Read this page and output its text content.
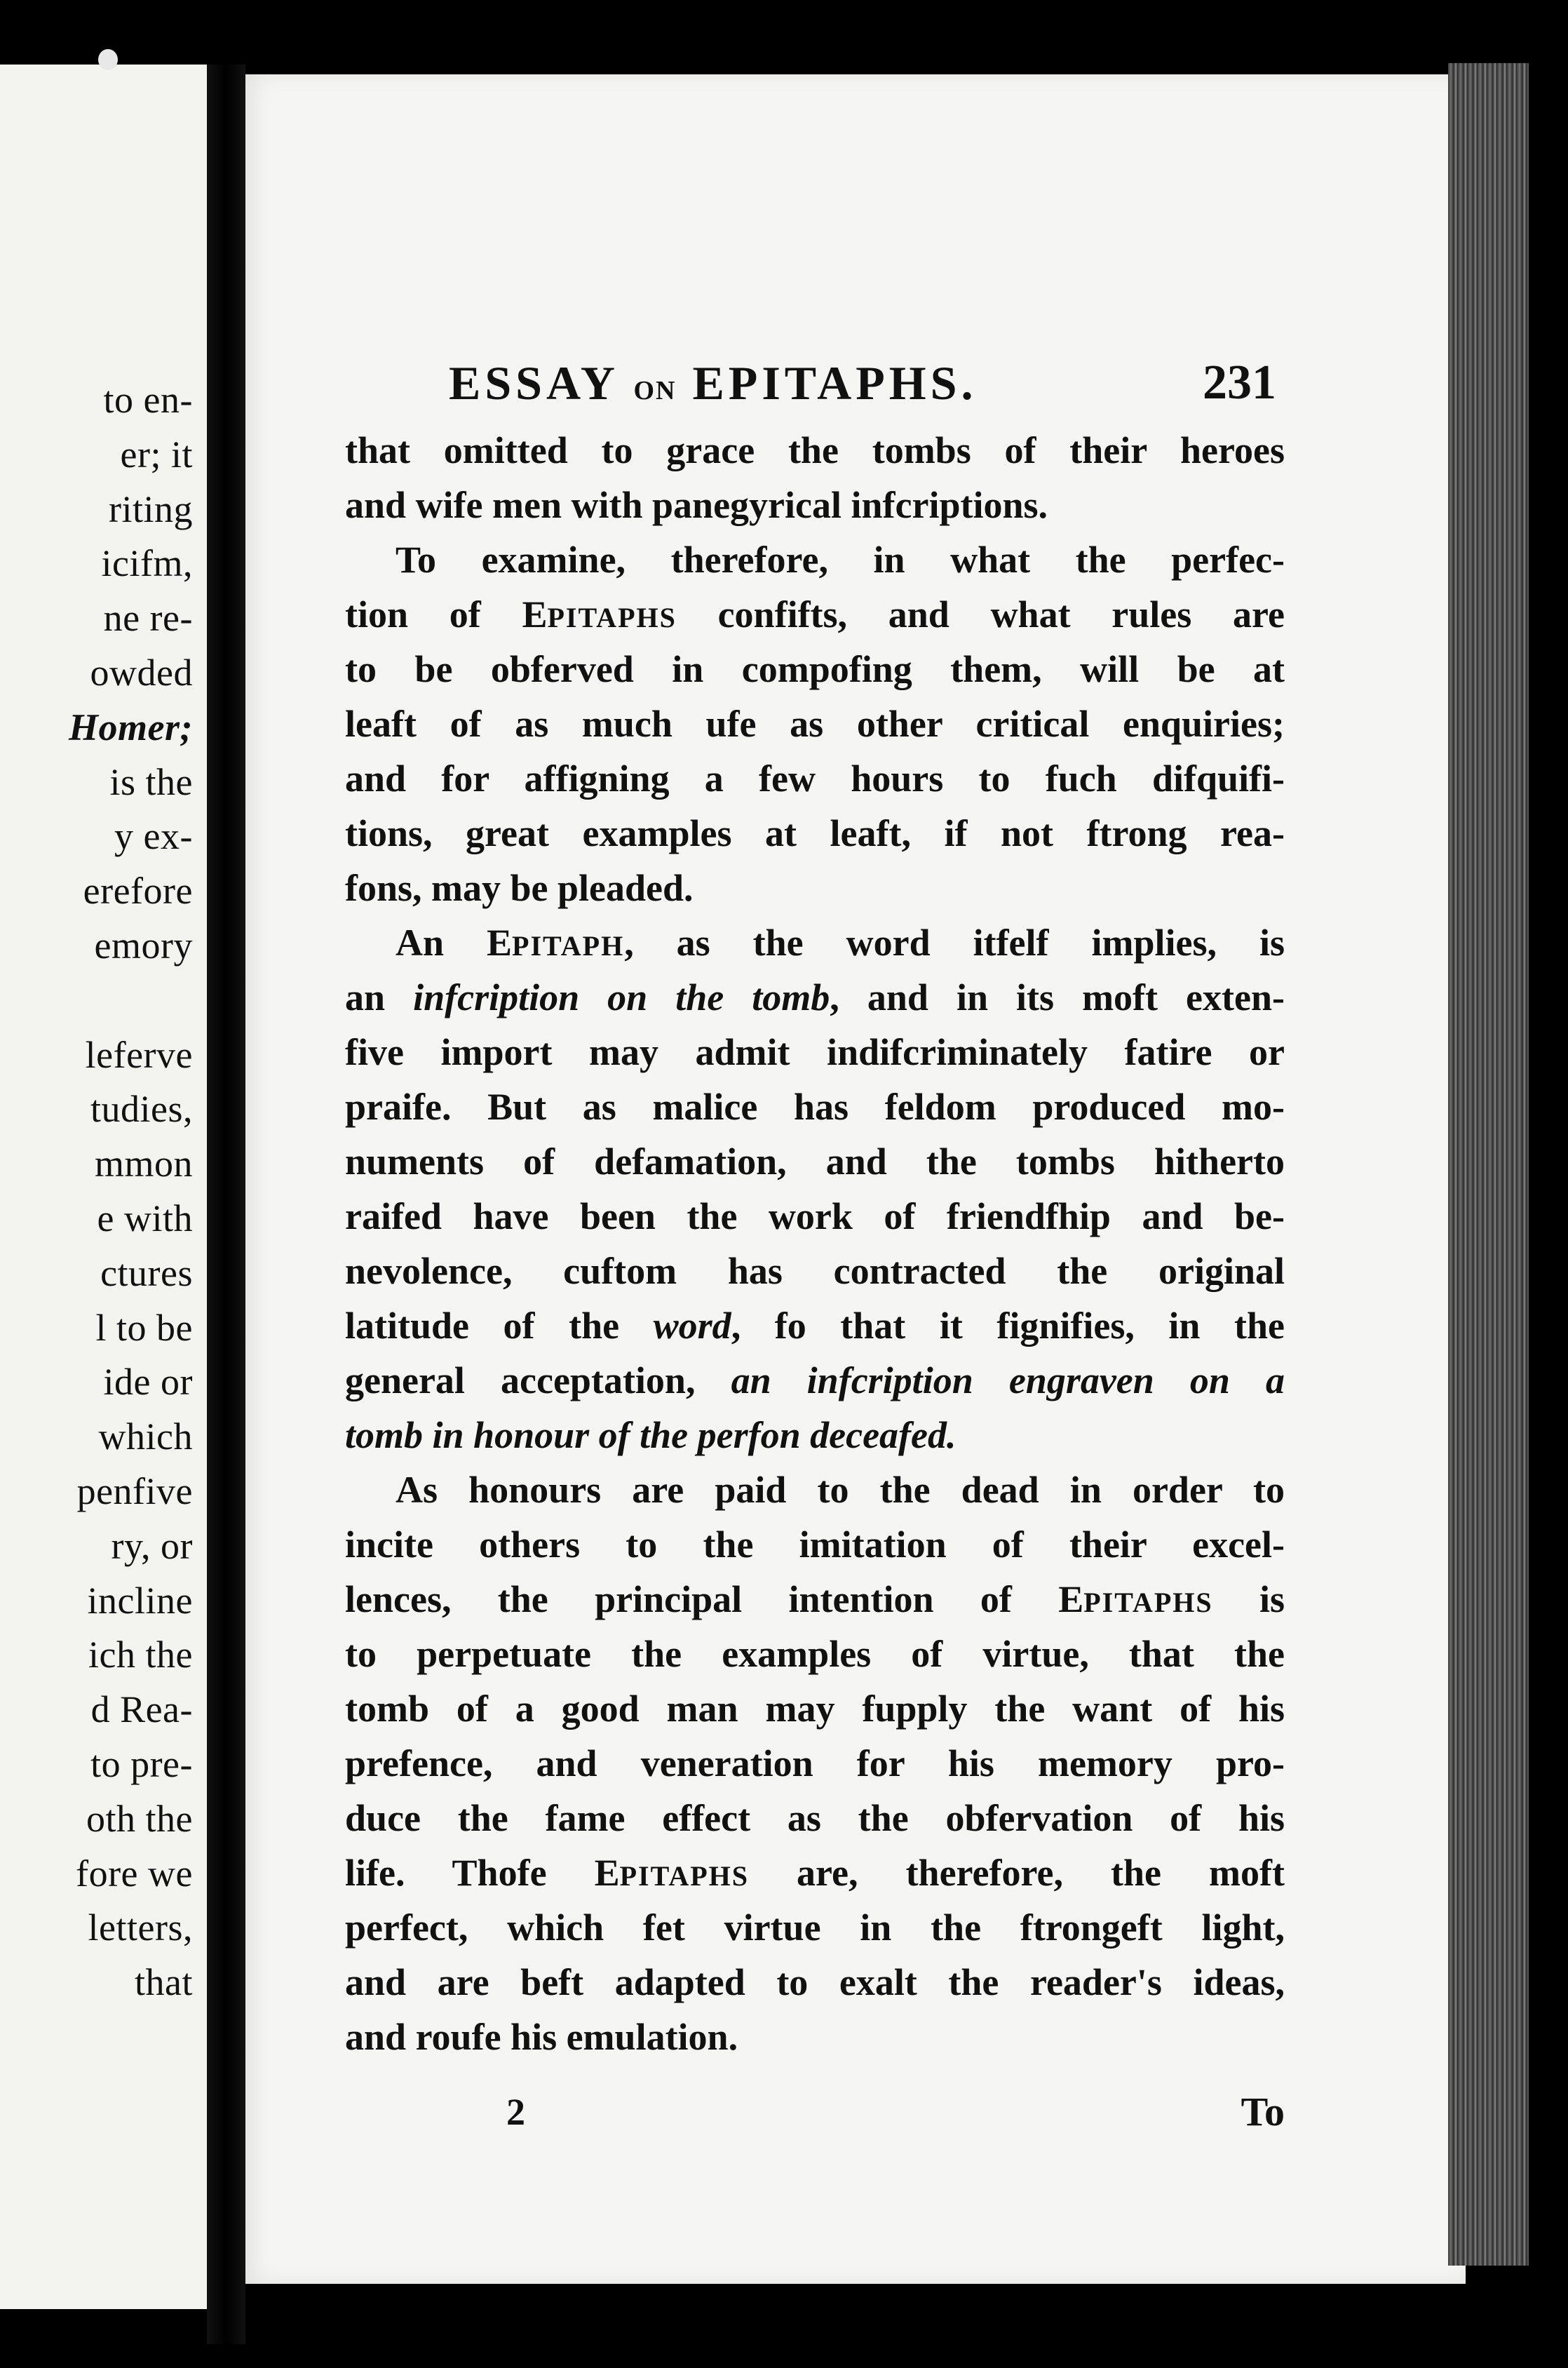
to en-
er; it
riting
icifm,
ne re-
owded
Homer;
is the
y ex-
erefore
emory
leferve
tudies,
mmon
e with
ctures
l to be
ide or
which
penfive
ry, or
incline
ich the
d Rea-
to pre-
oth the
fore we
letters,
that
ESSAY ON EPITAPHS.	231
that omitted to grace the tombs of their heroes
and wife men with panegyrical infcriptions.
To examine, therefore, in what the perfec-
tion of EPITAPHS confifts, and what rules are
to be obferved in compofing them, will be at
leaft of as much ufe as other critical enquiries;
and for affigning a few hours to fuch difquifi-
tions, great examples at leaft, if not ftrong rea-
fons, may be pleaded.
An EPITAPH, as the word itfelf implies, is
an infcription on the tomb, and in its moft exten-
five import may admit indifcriminately fatire or
praife. But as malice has feldom produced mo-
numents of defamation, and the tombs hitherto
raifed have been the work of friendfhip and be-
nevolence, cuftom has contracted the original
latitude of the word, fo that it fignifies, in the
general acceptation, an infcription engraven on a
tomb in honour of the perfon deceafed.
As honours are paid to the dead in order to
incite others to the imitation of their excel-
lences, the principal intention of EPITAPHS is
to perpetuate the examples of virtue, that the
tomb of a good man may fupply the want of his
prefence, and veneration for his memory pro-
duce the fame effect as the obfervation of his
life. Thofe EPITAPHS are, therefore, the moft
perfect, which fet virtue in the ftrongeft light,
and are beft adapted to exalt the reader's ideas,
and roufe his emulation.
2	To
